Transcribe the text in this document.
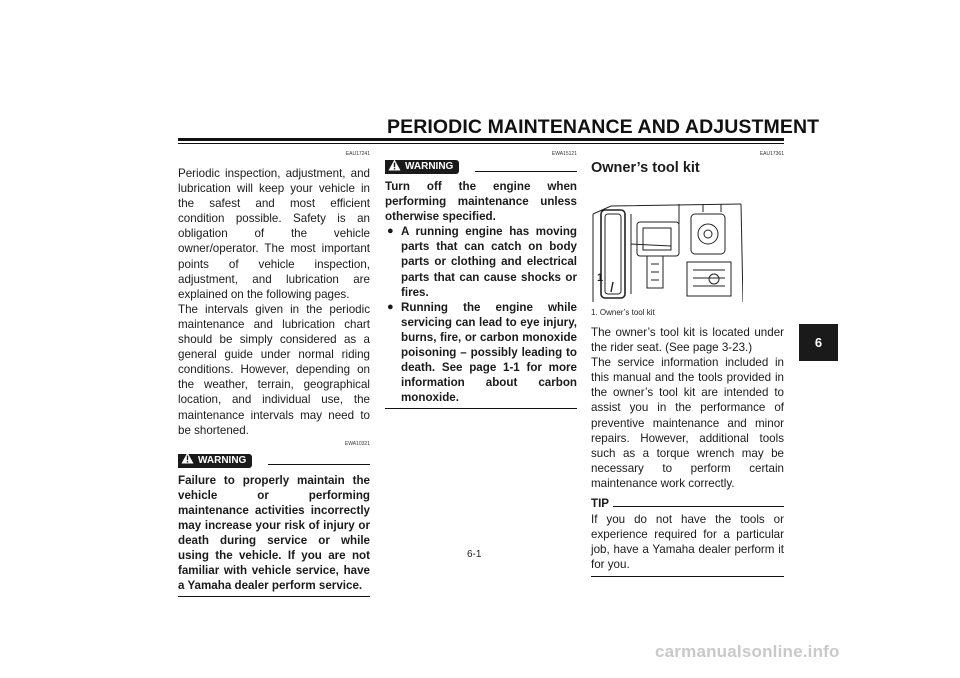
PERIODIC MAINTENANCE AND ADJUSTMENT
EAU17241

Periodic inspection, adjustment, and lubrication will keep your vehicle in the safest and most efficient condition possible. Safety is an obligation of the vehicle owner/operator. The most important points of vehicle inspection, adjustment, and lubrication are explained on the following pages.

The intervals given in the periodic maintenance and lubrication chart should be simply considered as a general guide under normal riding conditions. However, depending on the weather, terrain, geographical location, and individual use, the maintenance intervals may need to be shortened.

EWA10321
WARNING

Failure to properly maintain the vehicle or performing maintenance activities incorrectly may increase your risk of injury or death during service or while using the vehicle. If you are not familiar with vehicle service, have a Yamaha dealer perform service.

EWA15121
WARNING

Turn off the engine when performing maintenance unless otherwise specified.

● A running engine has moving parts that can catch on body parts or clothing and electrical parts that can cause shocks or fires.
● Running the engine while servicing can lead to eye injury, burns, fire, or carbon monoxide poisoning – possibly leading to death. See page 1-1 for more information about carbon monoxide.
EAU17361
Owner’s tool kit
1
1. Owner’s tool kit

The owner’s tool kit is located under the rider seat. (See page 3-23.)

The service information included in this manual and the tools provided in the owner’s tool kit are intended to assist you in the performance of preventive maintenance and minor repairs. However, additional tools such as a torque wrench may be necessary to perform certain maintenance work correctly.

TIP

If you do not have the tools or experience required for a particular job, have a Yamaha dealer perform it for you.

6
6-1
carmanualsonline.info
